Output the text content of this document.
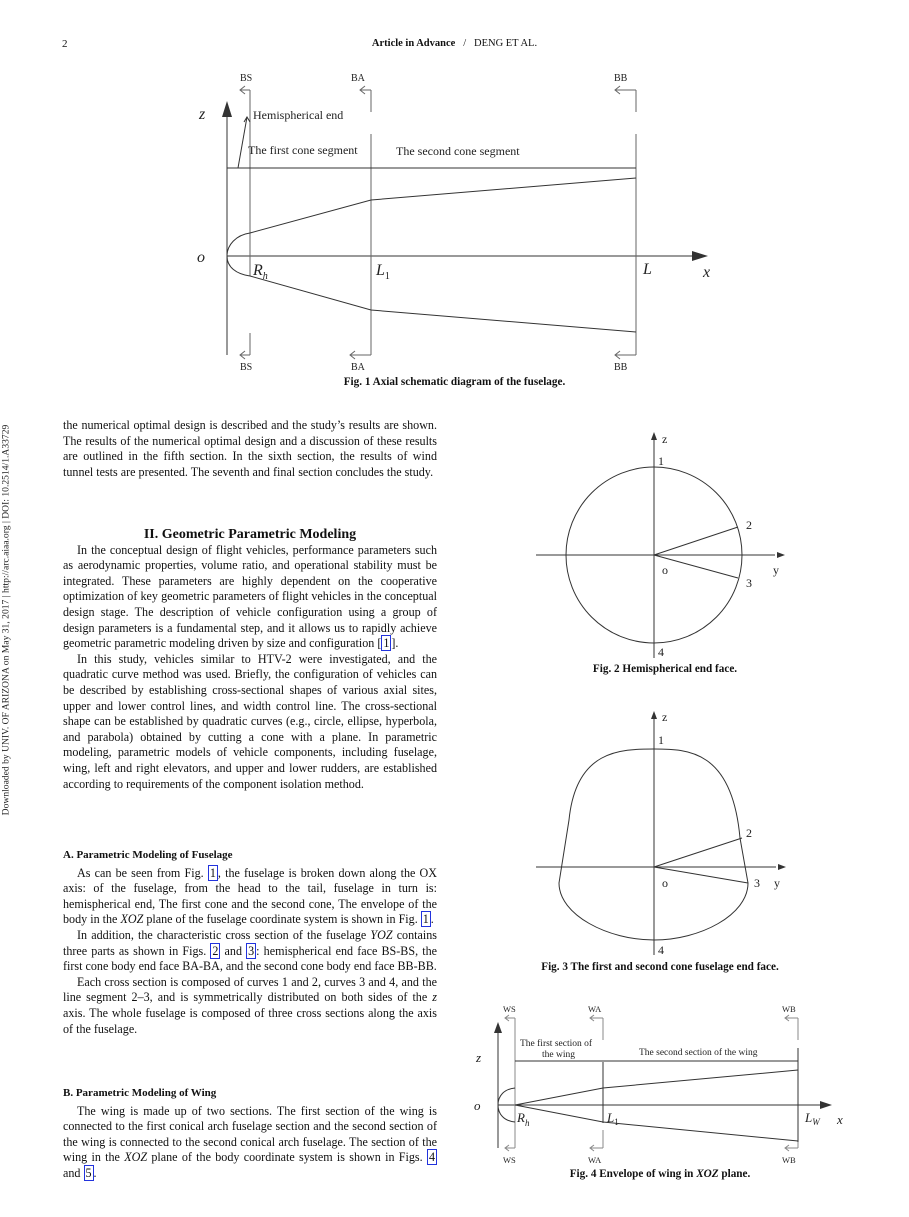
2	Article in Advance / DENG ET AL.
Downloaded by UNIV. OF ARIZONA on May 31, 2017 | http://arc.aiaa.org | DOI: 10.2514/1.A33729
BS	BA	BB
BS	BA	BB
Hemispherical end
The first cone segment	The second cone segment
z
o
x
$R_h$	$L_1$	L
Fig. 1 Axial schematic diagram of the fuselage.

the numerical optimal design is described and the study’s results are shown. The results of the numerical optimal design and a discussion of these results are outlined in the fifth section. In the sixth section, the results of wind tunnel tests are presented. The seventh and final section concludes the study.

II. Geometric Parametric Modeling

In the conceptual design of flight vehicles, performance parameters such as aerodynamic properties, volume ratio, and operational stability must be integrated. These parameters are highly dependent on the cooperative optimization of key geometric parameters of flight vehicles in the conceptual design stage. The description of vehicle configuration using a group of design parameters is a fundamental step, and it allows us to rapidly achieve geometric parametric modeling driven by size and configuration [ 1 ].

In this study, vehicles similar to HTV-2 were investigated, and the quadratic curve method was used. Briefly, the configuration of vehicles can be described by establishing cross-sectional shapes of various axial sites, upper and lower control lines, and width control line. The cross-sectional shape can be established by quadratic curves (e.g., circle, ellipse, hyperbola, and parabola) obtained by cutting a cone with a plane. In parametric modeling, parametric models of vehicle components, including fuselage, wing, left and right elevators, and upper and lower rudders, are established according to requirements of the component isolation method.

A. Parametric Modeling of Fuselage

As can be seen from Fig. 1 , the fuselage is broken down along the OX axis: of the fuselage, from the head to the tail, fuselage in turn is: hemispherical end, The first cone and the second cone, The envelope of the body in the XOZ plane of the fuselage coordinate system is shown in Fig. 1 .

In addition, the characteristic cross section of the fuselage YOZ contains three parts as shown in Figs. 2 and 3 : hemispherical end face BS-BS, the first cone body end face BA-BA, and the second cone body end face BB-BB.

Each cross section is composed of curves 1 and 2, curves 3 and 4, and the line segment 2–3, and is symmetrically distributed on both sides of the z axis. The whole fuselage is composed of three cross sections along the axis of the fuselage.

B. Parametric Modeling of Wing

The wing is made up of two sections. The first section of the wing is connected to the first conical arch fuselage section and the second section of the wing is connected to the second conical arch fuselage. The section of the wing in the XOZ plane of the body coordinate system is shown in Figs. 4 and 5 .

z
y
o
1
2
3
4
Fig. 2 Hemispherical end face.
z
y
o
1
2
3
4
Fig. 3 The first and second cone fuselage end face.
WS	WA	WB
WS	WA	WB
The first section of
the wing	The second section of the wing
z
o
x
$R_h$	$L_1$	$L_W$
Fig. 4 Envelope of wing in XOZ plane.
